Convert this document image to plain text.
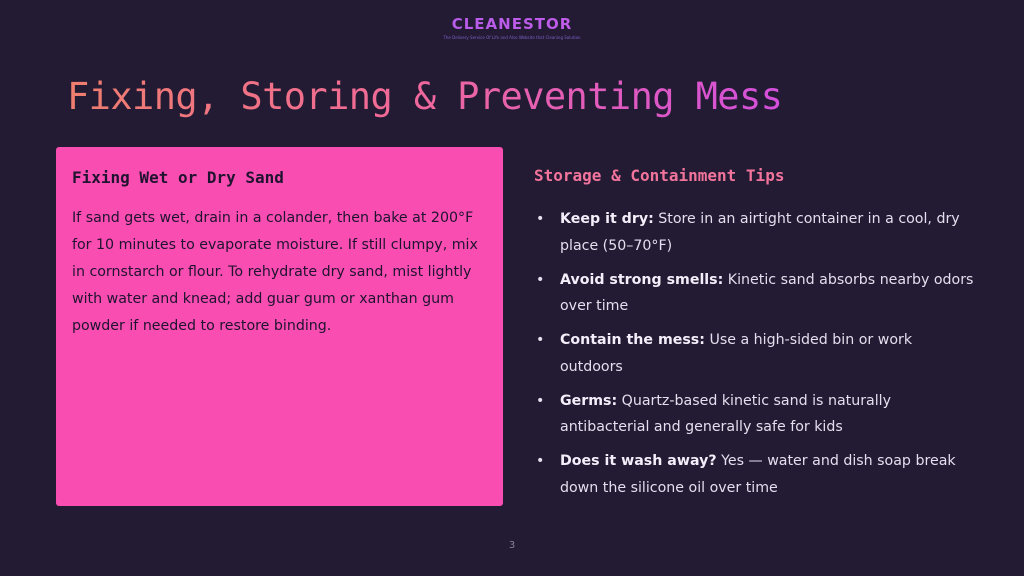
CLEANESTOR
The Delivery Service Of Life and Also Website that Cleaning Solution
Fixing, Storing & Preventing Mess
Fixing Wet or Dry Sand

If sand gets wet, drain in a colander, then bake at 200°F for 10 minutes to evaporate moisture. If still clumpy, mix in cornstarch or flour. To rehydrate dry sand, mist lightly with water and knead; add guar gum or xanthan gum powder if needed to restore binding.

Storage & Containment Tips
• Keep it dry: Store in an airtight container in a cool, dry place (50–70°F)
• Avoid strong smells: Kinetic sand absorbs nearby odors over time
• Contain the mess: Use a high-sided bin or work outdoors
• Germs: Quartz-based kinetic sand is naturally antibacterial and generally safe for kids
• Does it wash away? Yes — water and dish soap break down the silicone oil over time
3
